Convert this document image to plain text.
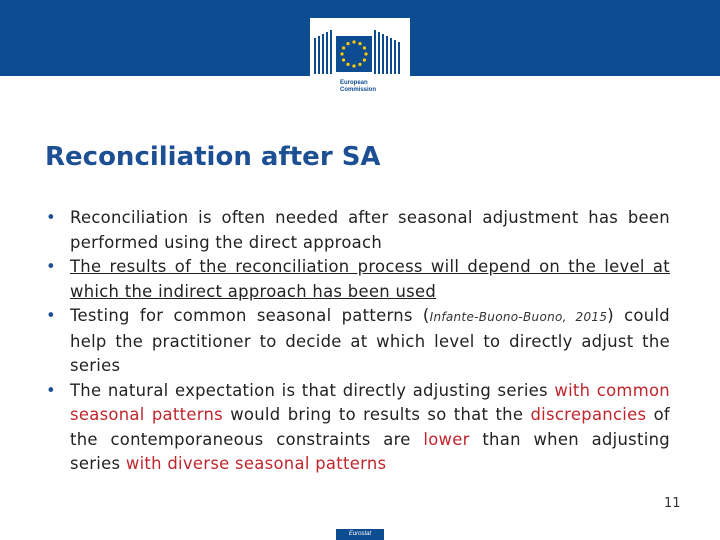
European
Commission
Reconciliation after SA
• Reconciliation is often needed after seasonal adjustment has been performed using the direct approach
• The results of the reconciliation process will depend on the level at which the indirect approach has been used
• Testing for common seasonal patterns (Infante-Buono-Buono, 2015) could help the practitioner to decide at which level to directly adjust the series
• The natural expectation is that directly adjusting series with common seasonal patterns would bring to results so that the discrepancies of the contemporaneous constraints are lower than when adjusting series with diverse seasonal patterns
11
Eurostat
